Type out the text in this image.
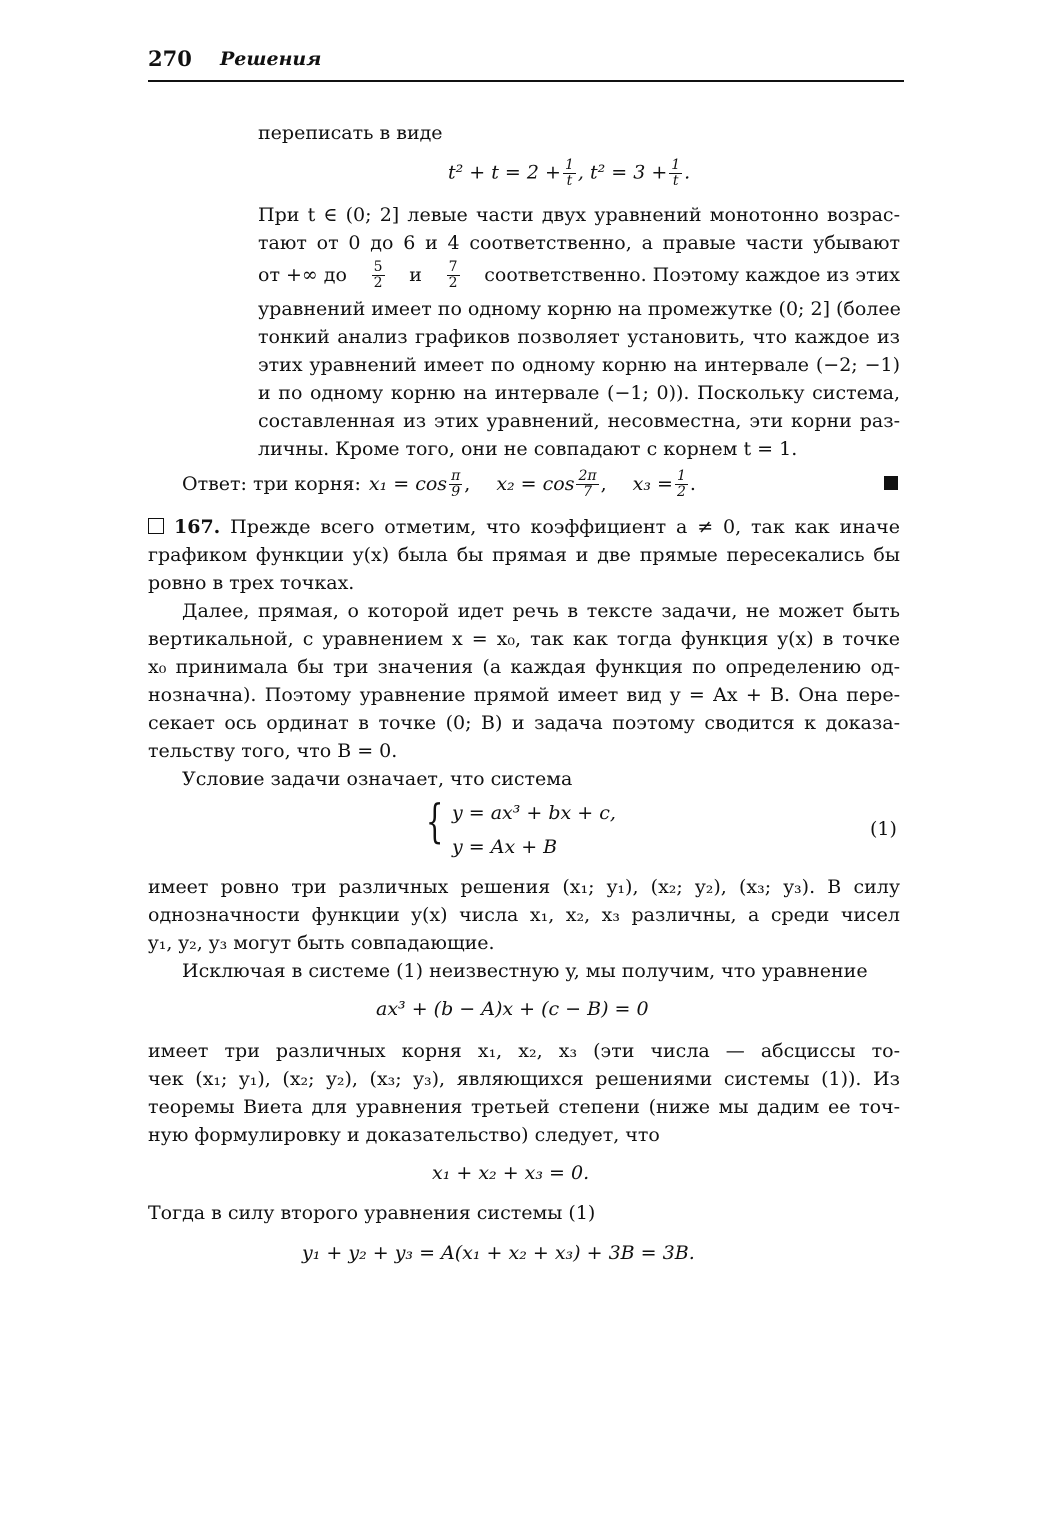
270 Решения
переписать в виде
$t^2 + t = 2 + \frac{1}{t}$ , $t^2 = 3 + \frac{1}{t}$ .
При t ∈ (0; 2] левые части двух уравнений монотонно возрас-
тают от 0 до 6 и 4 соответственно, а правые части убывают
от +∞ до $\frac{5}{2}$ и $\frac{7}{2}$ соответственно. Поэтому каждое из этих
уравнений имеет по одному корню на промежутке (0; 2] (более
тонкий анализ графиков позволяет установить, что каждое из
этих уравнений имеет по одному корню на интервале (−2; −1)
и по одному корню на интервале (−1; 0)). Поскольку система,
составленная из этих уравнений, несовместна, эти корни раз-
личны. Кроме того, они не совпадают с корнем t = 1.
Ответ: три корня: $x_1 = \cos \frac{\pi}{9}$ , $x_2 = \cos \frac{2\pi}{7}$ , $x_3 = \frac{1}{2}$ .
167. Прежде всего отметим, что коэффициент a ≠ 0, так как иначе
графиком функции y(x) была бы прямая и две прямые пересекались бы
ровно в трех точках.
Далее, прямая, о которой идет речь в тексте задачи, не может быть
вертикальной, с уравнением x = x₀, так как тогда функция y(x) в точке
x₀ принимала бы три значения (а каждая функция по определению од-
нозначна). Поэтому уравнение прямой имеет вид y = Ax + B. Она пере-
секает ось ординат в точке (0; B) и задача поэтому сводится к доказа-
тельству того, что B = 0.
Условие задачи означает, что система
{ y = ax³ + bx + c,
y = Ax + B
(1)
имеет ровно три различных решения (x₁; y₁), (x₂; y₂), (x₃; y₃). В силу
однозначности функции y(x) числа x₁, x₂, x₃ различны, а среди чисел
y₁, y₂, y₃ могут быть совпадающие.
Исключая в системе (1) неизвестную y, мы получим, что уравнение
ax³ + (b − A)x + (c − B) = 0
имеет три различных корня x₁, x₂, x₃ (эти числа — абсциссы то-
чек (x₁; y₁), (x₂; y₂), (x₃; y₃), являющихся решениями системы (1)). Из
теоремы Виета для уравнения третьей степени (ниже мы дадим ее точ-
ную формулировку и доказательство) следует, что
x₁ + x₂ + x₃ = 0.
Тогда в силу второго уравнения системы (1)
y₁ + y₂ + y₃ = A(x₁ + x₂ + x₃) + 3B = 3B.
